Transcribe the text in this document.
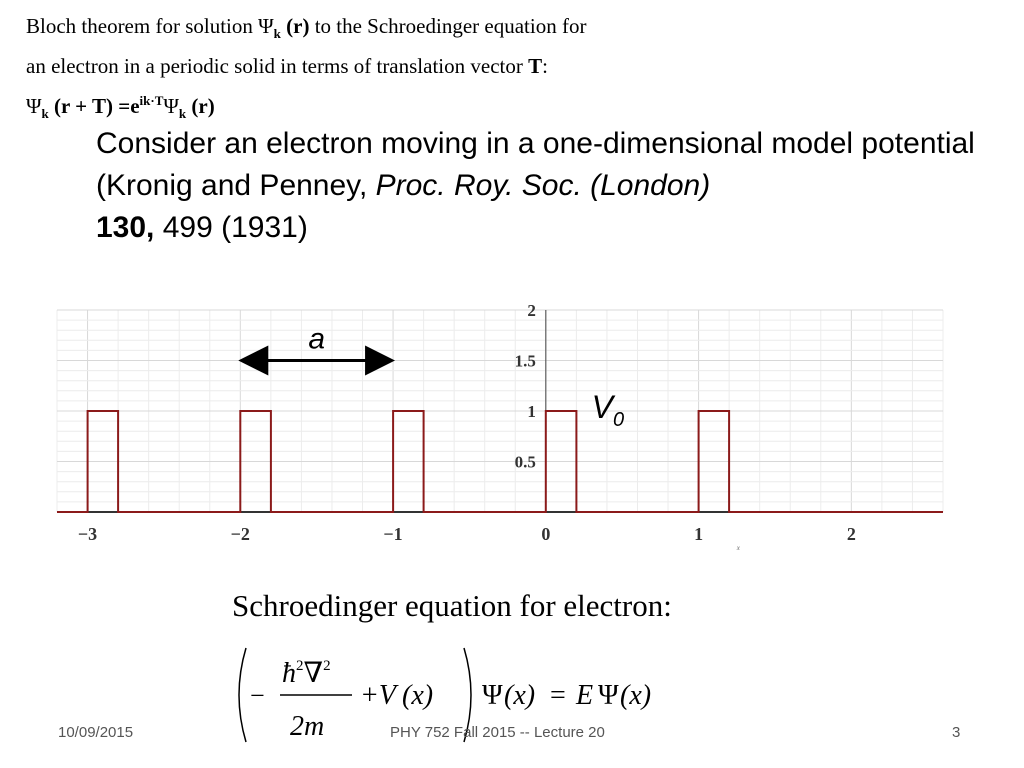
Bloch theorem for solution $\Psi_k$ (r) to the Schroedinger equation for
an electron in a periodic solid in terms of translation vector T:
$\Psi_k$ $(r + T) =e^{ik\cdot T}\Psi_k$ (r)
Consider an electron moving in a one-dimensional model potential (Kronig and Penney, Proc. Roy. Soc. (London)
130, 499 (1931)
0.5
1
1.5
2
−3	−2	−1	0	1	2
a
$V_0$
x
Schroedinger equation for electron:
−
$ħ^2\nabla^2$
2m
+V (x) Ψ (x) = E Ψ (x)
10/09/2015	PHY 752 Fall 2015 -- Lecture 20	3
